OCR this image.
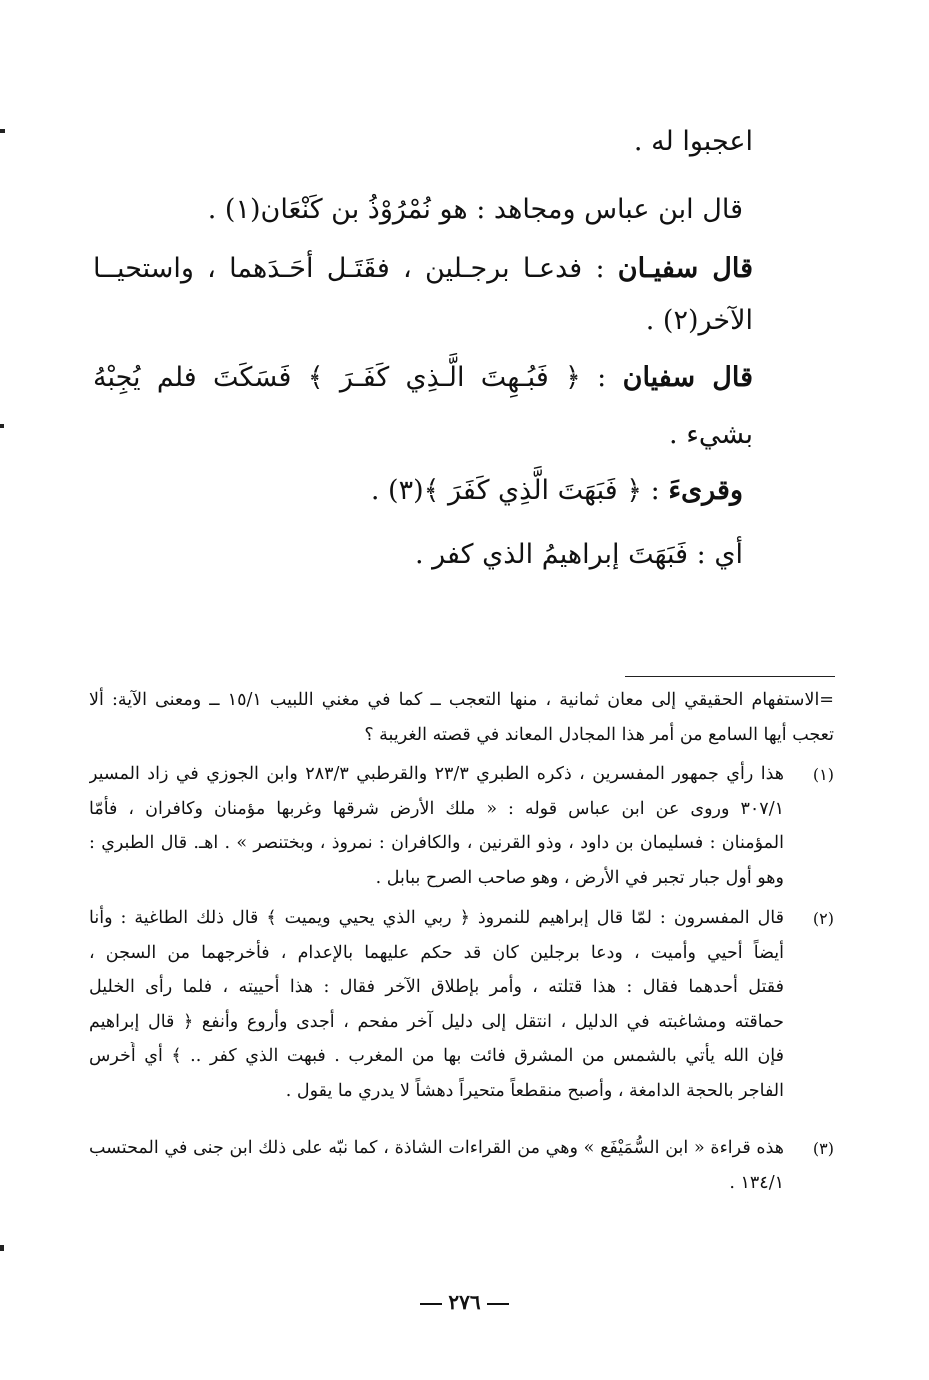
اعجبوا له .
قال ابن عباس ومجاهد : هو نُمْرُوْذُ بن كَنْعَان(١) .
قال سفيـان : فدعـا برجـلين ، فقَتَـل أحَـدَهما ، واستحيــا
الآخر(٢) .
قال سفيان : ﴿ فَبُـهِتَ الَّـذِي كَفَـرَ ﴾ فَسَكَتَ فلم يُجِبْهُ
بشيء .
وقرىءَ : ﴿ فَبَهَتَ الَّذِي كَفَرَ ﴾(٣) .
أي : فَبَهَتَ إبراهيمُ الذي كفر .
=الاستفهام الحقيقي إلى معان ثمانية ، منها التعجب ــ كما في مغني اللبيب ١٥/١ ــ ومعنى الآية: ألا
تعجب أيها السامع من أمر هذا المجادل المعاند في قصته الغريبة ؟
(١)
هذا رأي جمهور المفسرين ، ذكره الطبري ٢٣/٣ والقرطبي ٢٨٣/٣ وابن الجوزي في زاد المسير
٣٠٧/١ وروى عن ابن عباس قوله : « ملك الأرض شرقها وغربها مؤمنان وكافران ، فأمّا
المؤمنان : فسليمان بن داود ، وذو القرنين ، والكافران : نمروذ ، وبختنصر » . اهـ. قال الطبري :
وهو أول جبار تجبر في الأرض ، وهو صاحب الصرح ببابل .
(٢)
قال المفسرون : لمّا قال إبراهيم للنمروذ ﴿ ربي الذي يحيي ويميت ﴾ قال ذلك الطاغية : وأنا
أيضاً أحيي وأميت ، ودعا برجلين كان قد حكم عليهما بالإعدام ، فأخرجهما من السجن ،
فقتل أحدهما فقال : هذا قتلته ، وأمر بإطلاق الآخر فقال : هذا أحييته ، فلما رأى الخليل
حماقته ومشاغبته في الدليل ، انتقل إلى دليل آخر مفحم ، أجدى وأروع وأنفع ﴿ قال إبراهيم
فإن الله يأتي بالشمس من المشرق فائت بها من المغرب . فبهت الذي كفر .. ﴾ أي أُخرس
الفاجر بالحجة الدامغة ، وأصبح منقطعاً متحيراً دهشاً لا يدري ما يقول .
(٣)
هذه قراءة « ابن السُّمَيْفَع » وهي من القراءات الشاذة ، كما نبّه على ذلك ابن جنى في المحتسب
١٣٤/١ .
٢٧٦
